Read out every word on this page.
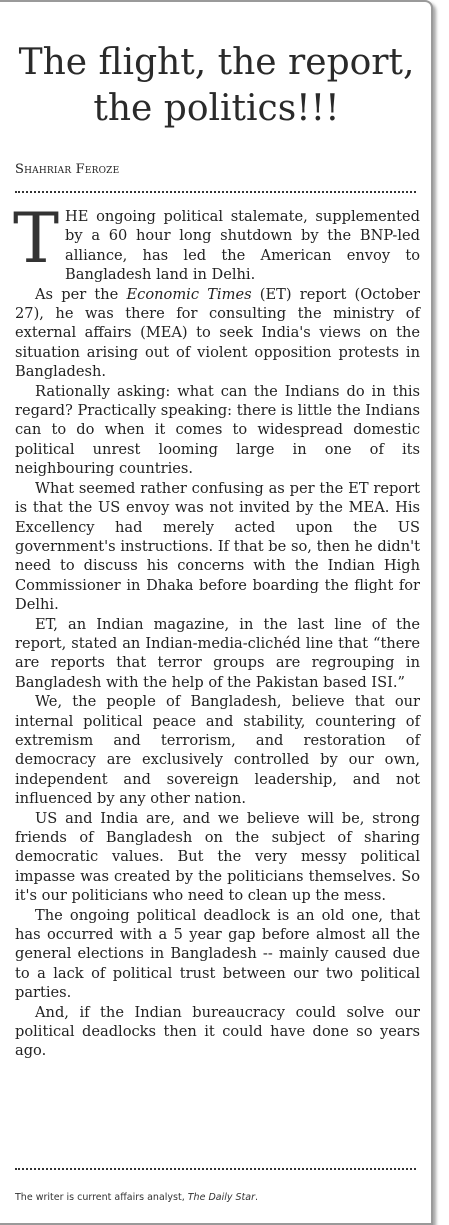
The flight, the report, the politics!!!

Shahriar Feroze

THE ongoing political stalemate, supplemented by a 60 hour long shutdown by the BNP-led alliance, has led the American envoy to Bangladesh land in Delhi.

As per the Economic Times (ET) report (October 27), he was there for consulting the ministry of external affairs (MEA) to seek India's views on the situation arising out of violent opposition protests in Bangladesh.

Rationally asking: what can the Indians do in this regard? Practically speaking: there is little the Indians can to do when it comes to widespread domestic political unrest looming large in one of its neighbouring countries.

What seemed rather confusing as per the ET report is that the US envoy was not invited by the MEA. His Excellency had merely acted upon the US government's instructions. If that be so, then he didn't need to discuss his concerns with the Indian High Commissioner in Dhaka before boarding the flight for Delhi.

ET, an Indian magazine, in the last line of the report, stated an Indian-media-clichéd line that “there are reports that terror groups are regrouping in Bangladesh with the help of the Pakistan based ISI.”

We, the people of Bangladesh, believe that our internal political peace and stability, countering of extremism and terrorism, and restoration of democracy are exclusively controlled by our own, independent and sovereign leadership, and not influenced by any other nation.

US and India are, and we believe will be, strong friends of Bangladesh on the subject of sharing democratic values. But the very messy political impasse was created by the politicians themselves. So it's our politicians who need to clean up the mess.

The ongoing political deadlock is an old one, that has occurred with a 5 year gap before almost all the general elections in Bangladesh -- mainly caused due to a lack of political trust between our two political parties.

And, if the Indian bureaucracy could solve our political deadlocks then it could have done so years ago.

The writer is current affairs analyst, The Daily Star.
